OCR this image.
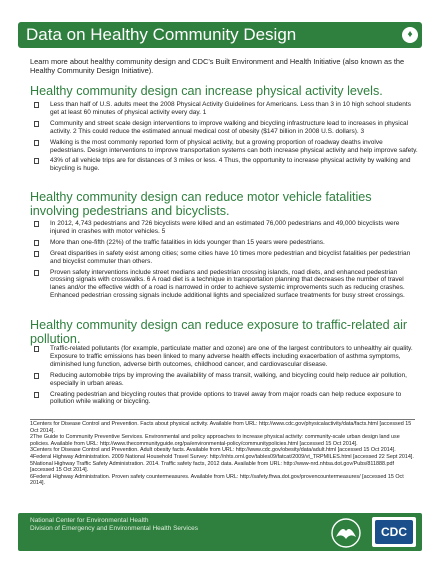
Data on Healthy Community Design	♦
Learn more about healthy community design and CDC’s Built Environment and Health Initiative (also known as the Healthy Community Design Initiative).
Healthy community design can increase physical activity levels.
Less than half of U.S. adults meet the 2008 Physical Activity Guidelines for Americans. Less than 3 in 10 high school students get at least 60 minutes of physical activity every day. 1
Community and street scale design interventions to improve walking and bicycling infrastructure lead to increases in physical activity. 2 This could reduce the estimated annual medical cost of obesity ($147 billion in 2008 U.S. dollars). 3
Walking is the most commonly reported form of physical activity, but a growing proportion of roadway deaths involve pedestrians. Design interventions to improve transportation systems can both increase physical activity and help improve safety.
43% of all vehicle trips are for distances of 3 miles or less. 4 Thus, the opportunity to increase physical activity by walking and bicycling is huge.
Healthy community design can reduce motor vehicle fatalities involving pedestrians and bicyclists.
In 2012, 4,743 pedestrians and 726 bicyclists were killed and an estimated 76,000 pedestrians and 49,000 bicyclists were injured in crashes with motor vehicles. 5
More than one-fifth (22%) of the traffic fatalities in kids younger than 15 years were pedestrians.
Great disparities in safety exist among cities; some cities have 10 times more pedestrian and bicyclist fatalities per pedestrian and bicyclist commuter than others.
Proven safety interventions include street medians and pedestrian crossing islands, road diets, and enhanced pedestrian crossing signals with crosswalks. 6 A road diet is a technique in transportation planning that decreases the number of travel lanes and/or the effective width of a road is narrowed in order to achieve systemic improvements such as reducing crashes. Enhanced pedestrian crossing signals include additional lights and specialized surface treatments for busy street crossings.
Healthy community design can reduce exposure to traffic-related air pollution.
Traffic-related pollutants (for example, particulate matter and ozone) are one of the largest contributors to unhealthy air quality. Exposure to traffic emissions has been linked to many adverse health effects including exacerbation of asthma symptoms, diminished lung function, adverse birth outcomes, childhood cancer, and cardiovascular disease.
Reducing automobile trips by improving the availability of mass transit, walking, and bicycling could help reduce air pollution, especially in urban areas.
Creating pedestrian and bicycling routes that provide options to travel away from major roads can help reduce exposure to pollution while walking or bicycling.
1Centers for Disease Control and Prevention. Facts about physical activity. Available from URL: http://www.cdc.gov/physicalactivity/data/facts.html [accessed 15 Oct 2014].
2The Guide to Community Preventive Services. Environmental and policy approaches to increase physical activity: community-scale urban design land use policies. Available from URL: http://www.thecommunityguide.org/pa/environmental-policy/communitypolicies.html [accessed 15 Oct 2014].
3Centers for Disease Control and Prevention. Adult obesity facts. Available from URL: http://www.cdc.gov/obesity/data/adult.html [accessed 15 Oct 2014].
4Federal Highway Administration. 2009 National Household Travel Survey: http://nhts.ornl.gov/tables09/fatcat/2009/vt_TRPMILES.html [accessed 22 Sept 2014].
5National Highway Traffic Safety Administration. 2014. Traffic safety facts, 2012 data. Available from URL: http://www-nrd.nhtsa.dot.gov/Pubs/811888.pdf [accessed 15 Oct 2014].
6Federal Highway Administration. Proven safety countermeasures. Available from URL: http://safety.fhwa.dot.gov/provencountermeasures/ [accessed 15 Oct 2014].
National Center for Environmental Health
Division of Emergency and Environmental Health Services	CDC
